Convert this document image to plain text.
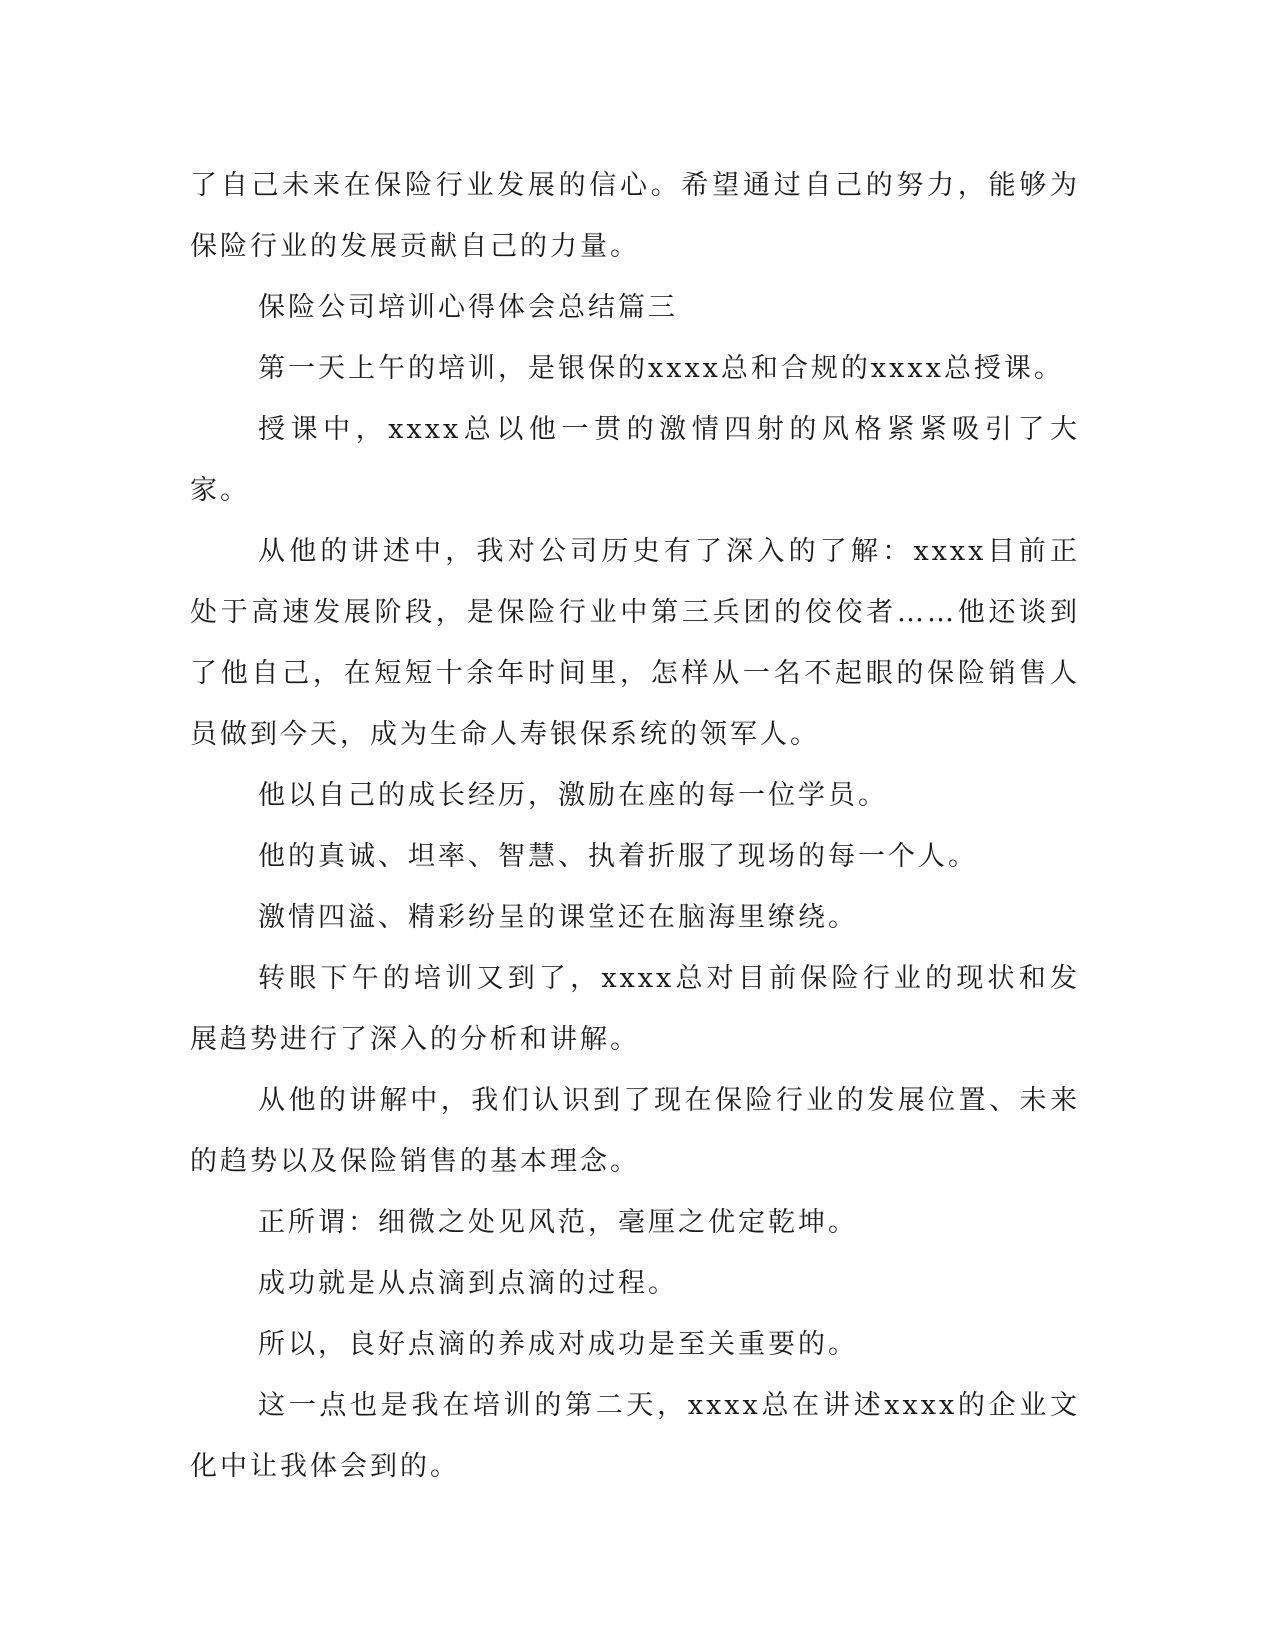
了自己未来在保险行业发展的信心。希望通过自己的努力，能够为保险行业的发展贡献自己的力量。

保险公司培训心得体会总结篇三

第一天上午的培训，是银保的xxxx总和合规的xxxx总授课。

授课中，xxxx总以他一贯的激情四射的风格紧紧吸引了大家。

从他的讲述中，我对公司历史有了深入的了解：xxxx目前正处于高速发展阶段，是保险行业中第三兵团的佼佼者……他还谈到了他自己，在短短十余年时间里，怎样从一名不起眼的保险销售人员做到今天，成为生命人寿银保系统的领军人。

他以自己的成长经历，激励在座的每一位学员。

他的真诚、坦率、智慧、执着折服了现场的每一个人。

激情四溢、精彩纷呈的课堂还在脑海里缭绕。

转眼下午的培训又到了，xxxx总对目前保险行业的现状和发展趋势进行了深入的分析和讲解。

从他的讲解中，我们认识到了现在保险行业的发展位置、未来的趋势以及保险销售的基本理念。

正所谓：细微之处见风范，毫厘之优定乾坤。

成功就是从点滴到点滴的过程。

所以，良好点滴的养成对成功是至关重要的。

这一点也是我在培训的第二天，xxxx总在讲述xxxx的企业文化中让我体会到的。
